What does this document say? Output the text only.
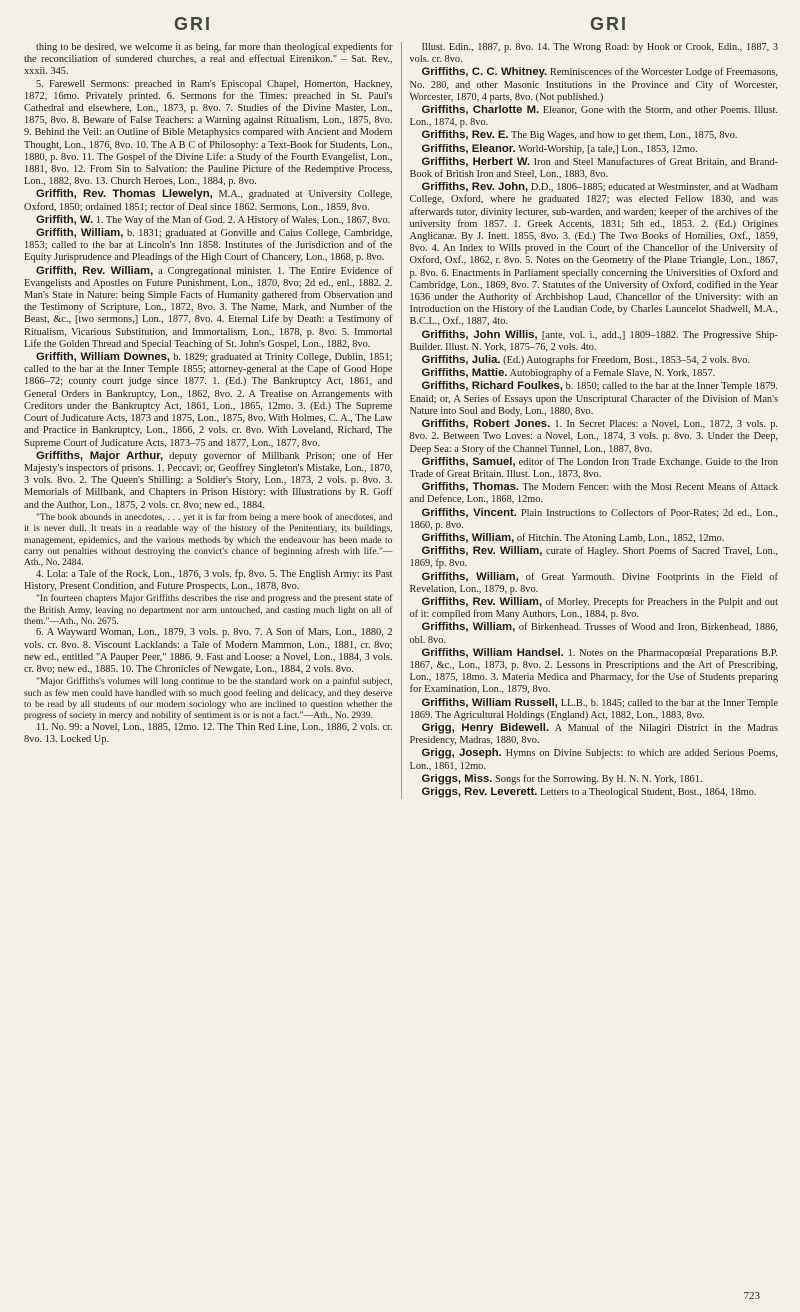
GRI	GRI

thing to be desired, we welcome it as being, far more than theological expedients for the reconciliation of sundered churches, a real and effectual Eirenikon." – Sat. Rev., xxxii. 345.

5. Farewell Sermons: preached in Ram's Episcopal Chapel, Homerton, Hackney, 1872, 16mo. Privately printed. 6. Sermons for the Times: preached in St. Paul's Cathedral and elsewhere, Lon., 1873, p. 8vo. 7. Studies of the Divine Master, Lon., 1875, 8vo. 8. Beware of False Teachers: a Warning against Ritualism, Lon., 1875, 8vo. 9. Behind the Veil: an Outline of Bible Metaphysics compared with Ancient and Modern Thought, Lon., 1876, 8vo. 10. The A B C of Philosophy: a Text-Book for Students, Lon., 1880, p. 8vo. 11. The Gospel of the Divine Life: a Study of the Fourth Evangelist, Lon., 1881, 8vo. 12. From Sin to Salvation: the Pauline Picture of the Redemptive Process, Lon., 1882, 8vo. 13. Church Heroes, Lon., 1884, p. 8vo.

Griffith, Rev. Thomas Llewelyn, M.A., graduated at University College, Oxford, 1850; ordained 1851; rector of Deal since 1862. Sermons, Lon., 1859, 8vo.

Griffith, W. 1. The Way of the Man of God. 2. A History of Wales, Lon., 1867, 8vo.

Griffith, William, b. 1831; graduated at Gonville and Caius College, Cambridge, 1853; called to the bar at Lincoln's Inn 1858. Institutes of the Jurisdiction and of the Equity Jurisprudence and Pleadings of the High Court of Chancery, Lon., 1868, p. 8vo.

Griffith, Rev. William, a Congregational minister. 1. The Entire Evidence of Evangelists and Apostles on Future Punishment, Lon., 1870, 8vo; 2d ed., enl., 1882. 2. Man's State in Nature: being Simple Facts of Humanity gathered from Observation and the Testimony of Scripture, Lon., 1872, 8vo. 3. The Name, Mark, and Number of the Beast, &c., [two sermons,] Lon., 1877, 8vo. 4. Eternal Life by Death: a Testimony of Ritualism, Vicarious Substitution, and Immortalism, Lon., 1878, p. 8vo. 5. Immortal Life the Golden Thread and Special Teaching of St. John's Gospel, Lon., 1882, 8vo.

Griffith, William Downes, b. 1829; graduated at Trinity College, Dublin, 1851; called to the bar at the Inner Temple 1855; attorney-general at the Cape of Good Hope 1866–72; county court judge since 1877. 1. (Ed.) The Bankruptcy Act, 1861, and General Orders in Bankruptcy, Lon., 1862, 8vo. 2. A Treatise on Arrangements with Creditors under the Bankruptcy Act, 1861, Lon., 1865, 12mo. 3. (Ed.) The Supreme Court of Judicature Acts, 1873 and 1875, Lon., 1875, 8vo. With Holmes, C. A., The Law and Practice in Bankruptcy, Lon., 1866, 2 vols. cr. 8vo. With Loveland, Richard, The Supreme Court of Judicature Acts, 1873–75 and 1877, Lon., 1877, 8vo.

Griffiths, Major Arthur, deputy governor of Millbank Prison; one of Her Majesty's inspectors of prisons. 1. Peccavi; or, Geoffrey Singleton's Mistake, Lon., 1870, 3 vols. 8vo. 2. The Queen's Shilling: a Soldier's Story, Lon., 1873, 2 vols. p. 8vo. 3. Memorials of Millbank, and Chapters in Prison History: with Illustrations by R. Goff and the Author, Lon., 1875, 2 vols. cr. 8vo; new ed., 1884.

"The book abounds in anecdotes, . . . yet it is far from being a mere book of anecdotes, and it is never dull. It treats in a readable way of the history of the Penitentiary, its buildings, management, epidemics, and the various methods by which the endeavour has been made to carry out penalties without destroying the convict's chance of beginning afresh with life."—Ath., No. 2484.

4. Lola: a Tale of the Rock, Lon., 1876, 3 vols. fp. 8vo. 5. The English Army: its Past History, Present Condition, and Future Prospects, Lon., 1878, 8vo.

"In fourteen chapters Major Griffiths describes the rise and progress and the present state of the British Army, leaving no department nor arm untouched, and casting much light on all of them."—Ath., No. 2675.

6. A Wayward Woman, Lon., 1879, 3 vols. p. 8vo. 7. A Son of Mars, Lon., 1880, 2 vols. cr. 8vo. 8. Viscount Lacklands: a Tale of Modern Mammon, Lon., 1881, cr. 8vo; new ed., entitled "A Pauper Peer," 1886. 9. Fast and Loose: a Novel, Lon., 1884, 3 vols. cr. 8vo; new ed., 1885. 10. The Chronicles of Newgate, Lon., 1884, 2 vols. 8vo.

"Major Griffiths's volumes will long continue to be the standard work on a painful subject, such as few men could have handled with so much good feeling and delicacy, and they deserve to be read by all students of our modern sociology who are inclined to question whether the progress of society in mercy and nobility of sentiment is or is not a fact."—Ath., No. 2939.

11. No. 99: a Novel, Lon., 1885, 12mo. 12. The Thin Red Line, Lon., 1886, 2 vols. cr. 8vo. 13. Locked Up.

Illust. Edin., 1887, p. 8vo. 14. The Wrong Road: by Hook or Crook, Edin., 1887, 3 vols. cr. 8vo.

Griffiths, C. C. Whitney. Reminiscences of the Worcester Lodge of Freemasons, No. 280, and other Masonic Institutions in the Province and City of Worcester, Worcester, 1870, 4 parts, 8vo. (Not published.)

Griffiths, Charlotte M. Eleanor, Gone with the Storm, and other Poems. Illust. Lon., 1874, p. 8vo.

Griffiths, Rev. E. The Big Wages, and how to get them, Lon., 1875, 8vo.

Griffiths, Eleanor. World-Worship, [a tale,] Lon., 1853, 12mo.

Griffiths, Herbert W. Iron and Steel Manufactures of Great Britain, and Brand-Book of British Iron and Steel, Lon., 1883, 8vo.

Griffiths, Rev. John, D.D., 1806–1885; educated at Westminster, and at Wadham College, Oxford, where he graduated 1827; was elected Fellow 1830, and was afterwards tutor, divinity lecturer, sub-warden, and warden; keeper of the archives of the university from 1857. 1. Greek Accents, 1831; 5th ed., 1853. 2. (Ed.) Origines Anglicanæ. By J. Inett. 1855, 8vo. 3. (Ed.) The Two Books of Homilies, Oxf., 1859, 8vo. 4. An Index to Wills proved in the Court of the Chancellor of the University of Oxford, Oxf., 1862, r. 8vo. 5. Notes on the Geometry of the Plane Triangle, Lon., 1867, p. 8vo. 6. Enactments in Parliament specially concerning the Universities of Oxford and Cambridge, Lon., 1869, 8vo. 7. Statutes of the University of Oxford, codified in the Year 1636 under the Authority of Archbishop Laud, Chancellor of the University: with an Introduction on the History of the Laudian Code, by Charles Launcelot Shadwell, M.A., B.C.L., Oxf., 1887, 4to.

Griffiths, John Willis, [ante, vol. i., add.,] 1809–1882. The Progressive Ship-Builder. Illust. N. York, 1875–76, 2 vols. 4to.

Griffiths, Julia. (Ed.) Autographs for Freedom, Bost., 1853–54, 2 vols. 8vo.

Griffiths, Mattie. Autobiography of a Female Slave, N. York, 1857.

Griffiths, Richard Foulkes, b. 1850; called to the bar at the Inner Temple 1879. Enaid; or, A Series of Essays upon the Unscriptural Character of the Division of Man's Nature into Soul and Body, Lon., 1880, 8vo.

Griffiths, Robert Jones. 1. In Secret Places: a Novel, Lon., 1872, 3 vols. p. 8vo. 2. Between Two Loves: a Novel, Lon., 1874, 3 vols. p. 8vo. 3. Under the Deep, Deep Sea: a Story of the Channel Tunnel, Lon., 1887, 8vo.

Griffiths, Samuel, editor of The London Iron Trade Exchange. Guide to the Iron Trade of Great Britain. Illust. Lon., 1873, 8vo.

Griffiths, Thomas. The Modern Fencer: with the Most Recent Means of Attack and Defence, Lon., 1868, 12mo.

Griffiths, Vincent. Plain Instructions to Collectors of Poor-Rates; 2d ed., Lon., 1860, p. 8vo.

Griffiths, William, of Hitchin. The Atoning Lamb, Lon., 1852, 12mo.

Griffiths, Rev. William, curate of Hagley. Short Poems of Sacred Travel, Lon., 1869, fp. 8vo.

Griffiths, William, of Great Yarmouth. Divine Footprints in the Field of Revelation, Lon., 1879, p. 8vo.

Griffiths, Rev. William, of Morley. Precepts for Preachers in the Pulpit and out of it: compiled from Many Authors, Lon., 1884, p. 8vo.

Griffiths, William, of Birkenhead. Trusses of Wood and Iron, Birkenhead, 1886, obl. 8vo.

Griffiths, William Handsel. 1. Notes on the Pharmacopœial Preparations B.P. 1867, &c., Lon., 1873, p. 8vo. 2. Lessons in Prescriptions and the Art of Prescribing, Lon., 1875, 18mo. 3. Materia Medica and Pharmacy, for the Use of Students preparing for Examination, Lon., 1879, 8vo.

Griffiths, William Russell, LL.B., b. 1845; called to the bar at the Inner Temple 1869. The Agricultural Holdings (England) Act, 1882, Lon., 1883, 8vo.

Grigg, Henry Bidewell. A Manual of the Nilagiri District in the Madras Presidency, Madras, 1880, 8vo.

Grigg, Joseph. Hymns on Divine Subjects: to which are added Serious Poems, Lon., 1861, 12mo.

Griggs, Miss. Songs for the Sorrowing. By H. N. N. York, 1861.

Griggs, Rev. Leverett. Letters to a Theological Student, Bost., 1864, 18mo.

723
